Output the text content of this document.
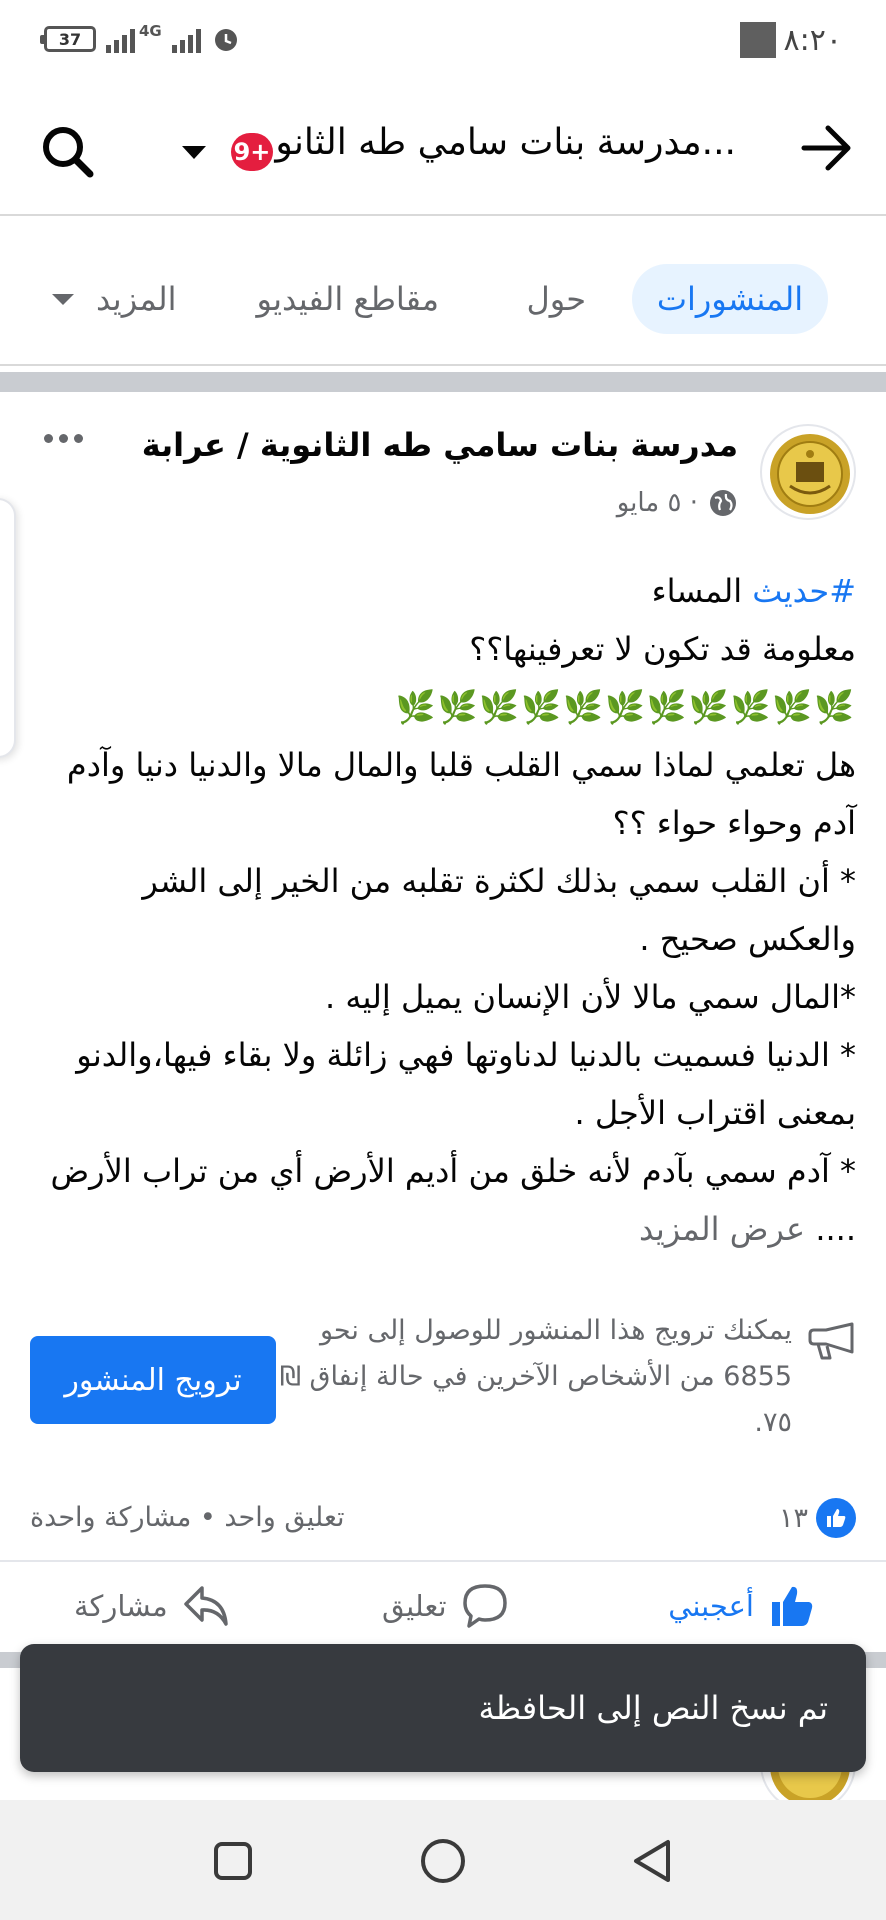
37	4G	٨:٢٠
مدرسة بنات سامي طه الثانو...
9+
المنشورات
حول
مقاطع الفيديو
المزيد
مدرسة بنات سامي طه الثانوية / عرابة
٥ مايو ·
#حديث المساء
معلومة قد تكون لا تعرفينها؟؟
🌿🌿🌿🌿🌿🌿🌿🌿🌿🌿🌿
هل تعلمي لماذا سمي القلب قلبا والمال مالا والدنيا دنيا وآدم آدم وحواء حواء ؟؟
* أن القلب سمي بذلك لكثرة تقلبه من الخير إلى الشر والعكس صحيح .
*المال سمي مالا لأن الإنسان يميل إليه .
* الدنيا فسميت بالدنيا لدناوتها فهي زائلة ولا بقاء فيها،والدنو بمعنى اقتراب الأجل .
* آدم سمي بآدم لأنه خلق من أديم الأرض أي من تراب الأرض .... عرض المزيد
يمكنك ترويج هذا المنشور للوصول إلى نحو 6855 من الأشخاص الآخرين في حالة إنفاق ₪ ٧٥.
ترويج المنشور
١٣
تعليق واحد • مشاركة واحدة
أعجبني
تعليق
مشاركة
تم نسخ النص إلى الحافظة
